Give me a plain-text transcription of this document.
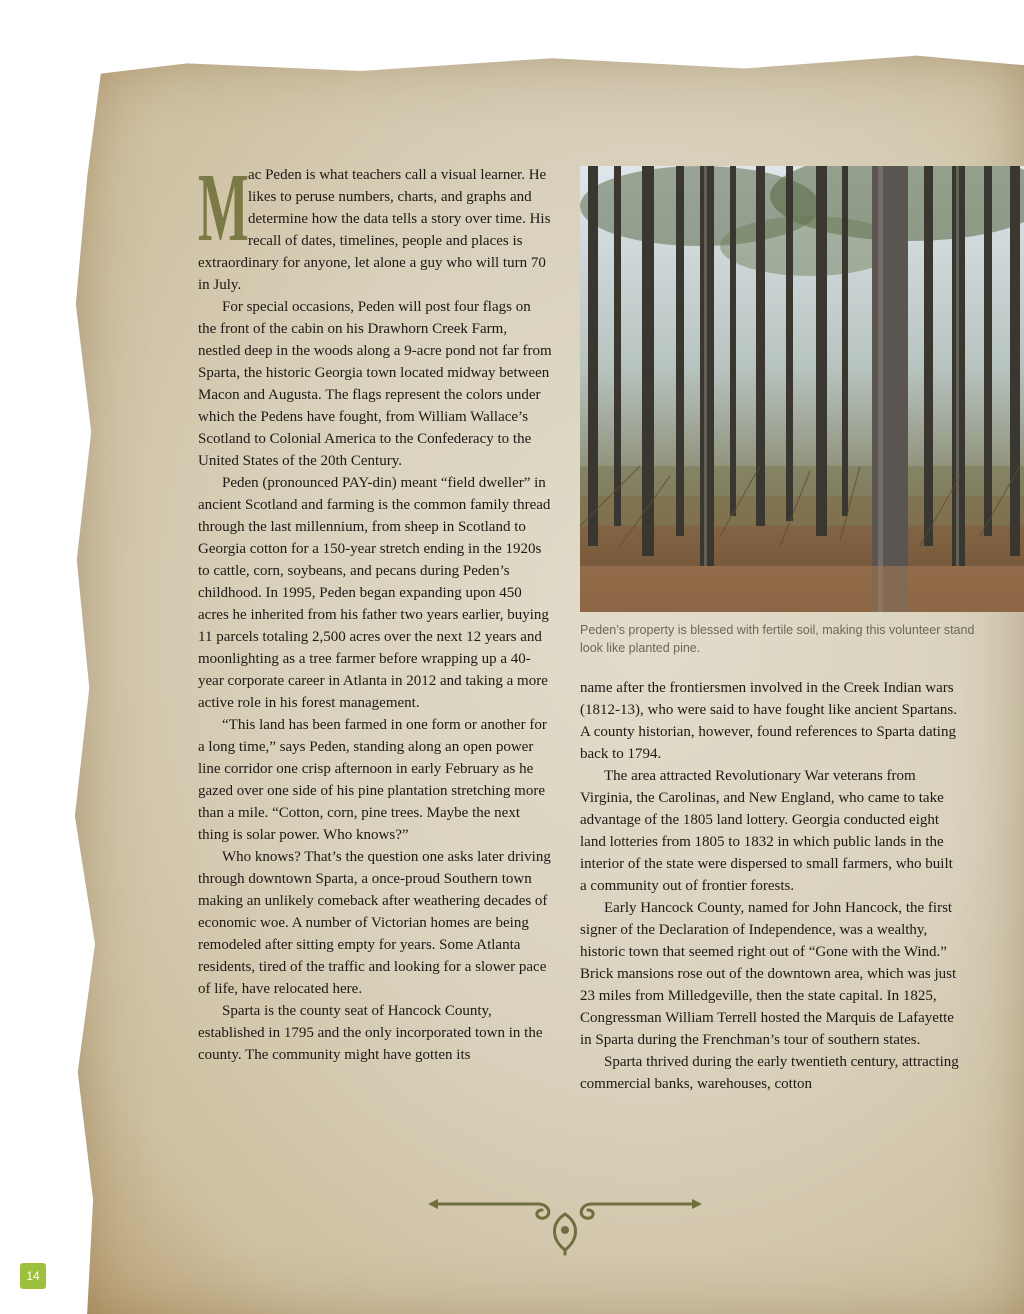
Mac Peden is what teachers call a visual learner. He likes to peruse numbers, charts, and graphs and determine how the data tells a story over time. His recall of dates, timelines, people and places is extraordinary for anyone, let alone a guy who will turn 70 in July.

For special occasions, Peden will post four flags on the front of the cabin on his Drawhorn Creek Farm, nestled deep in the woods along a 9-acre pond not far from Sparta, the historic Georgia town located midway between Macon and Augusta. The flags represent the colors under which the Pedens have fought, from William Wallace’s Scotland to Colonial America to the Confederacy to the United States of the 20th Century.

Peden (pronounced PAY-din) meant “field dweller” in ancient Scotland and farming is the common family thread through the last millennium, from sheep in Scotland to Georgia cotton for a 150-year stretch ending in the 1920s to cattle, corn, soybeans, and pecans during Peden’s childhood. In 1995, Peden began expanding upon 450 acres he inherited from his father two years earlier, buying 11 parcels totaling 2,500 acres over the next 12 years and moonlighting as a tree farmer before wrapping up a 40-year corporate career in Atlanta in 2012 and taking a more active role in his forest management.

“This land has been farmed in one form or another for a long time,” says Peden, standing along an open power line corridor one crisp afternoon in early February as he gazed over one side of his pine plantation stretching more than a mile. “Cotton, corn, pine trees. Maybe the next thing is solar power. Who knows?”

Who knows? That’s the question one asks later driving through downtown Sparta, a once-proud Southern town making an unlikely comeback after weathering decades of economic woe. A number of Victorian homes are being remodeled after sitting empty for years. Some Atlanta residents, tired of the traffic and looking for a slower pace of life, have relocated here.

Sparta is the county seat of Hancock County, established in 1795 and the only incorporated town in the county. The community might have gotten its

Peden’s property is blessed with fertile soil, making this volunteer stand look like planted pine.

name after the frontiersmen involved in the Creek Indian wars (1812-13), who were said to have fought like ancient Spartans. A county historian, however, found references to Sparta dating back to 1794.

The area attracted Revolutionary War veterans from Virginia, the Carolinas, and New England, who came to take advantage of the 1805 land lottery. Georgia conducted eight land lotteries from 1805 to 1832 in which public lands in the interior of the state were dispersed to small farmers, who built a community out of frontier forests.

Early Hancock County, named for John Hancock, the first signer of the Declaration of Independence, was a wealthy, historic town that seemed right out of “Gone with the Wind.” Brick mansions rose out of the downtown area, which was just 23 miles from Milledgeville, then the state capital. In 1825, Congressman William Terrell hosted the Marquis de Lafayette in Sparta during the Frenchman’s tour of southern states.

Sparta thrived during the early twentieth century, attracting commercial banks, warehouses, cotton

14
